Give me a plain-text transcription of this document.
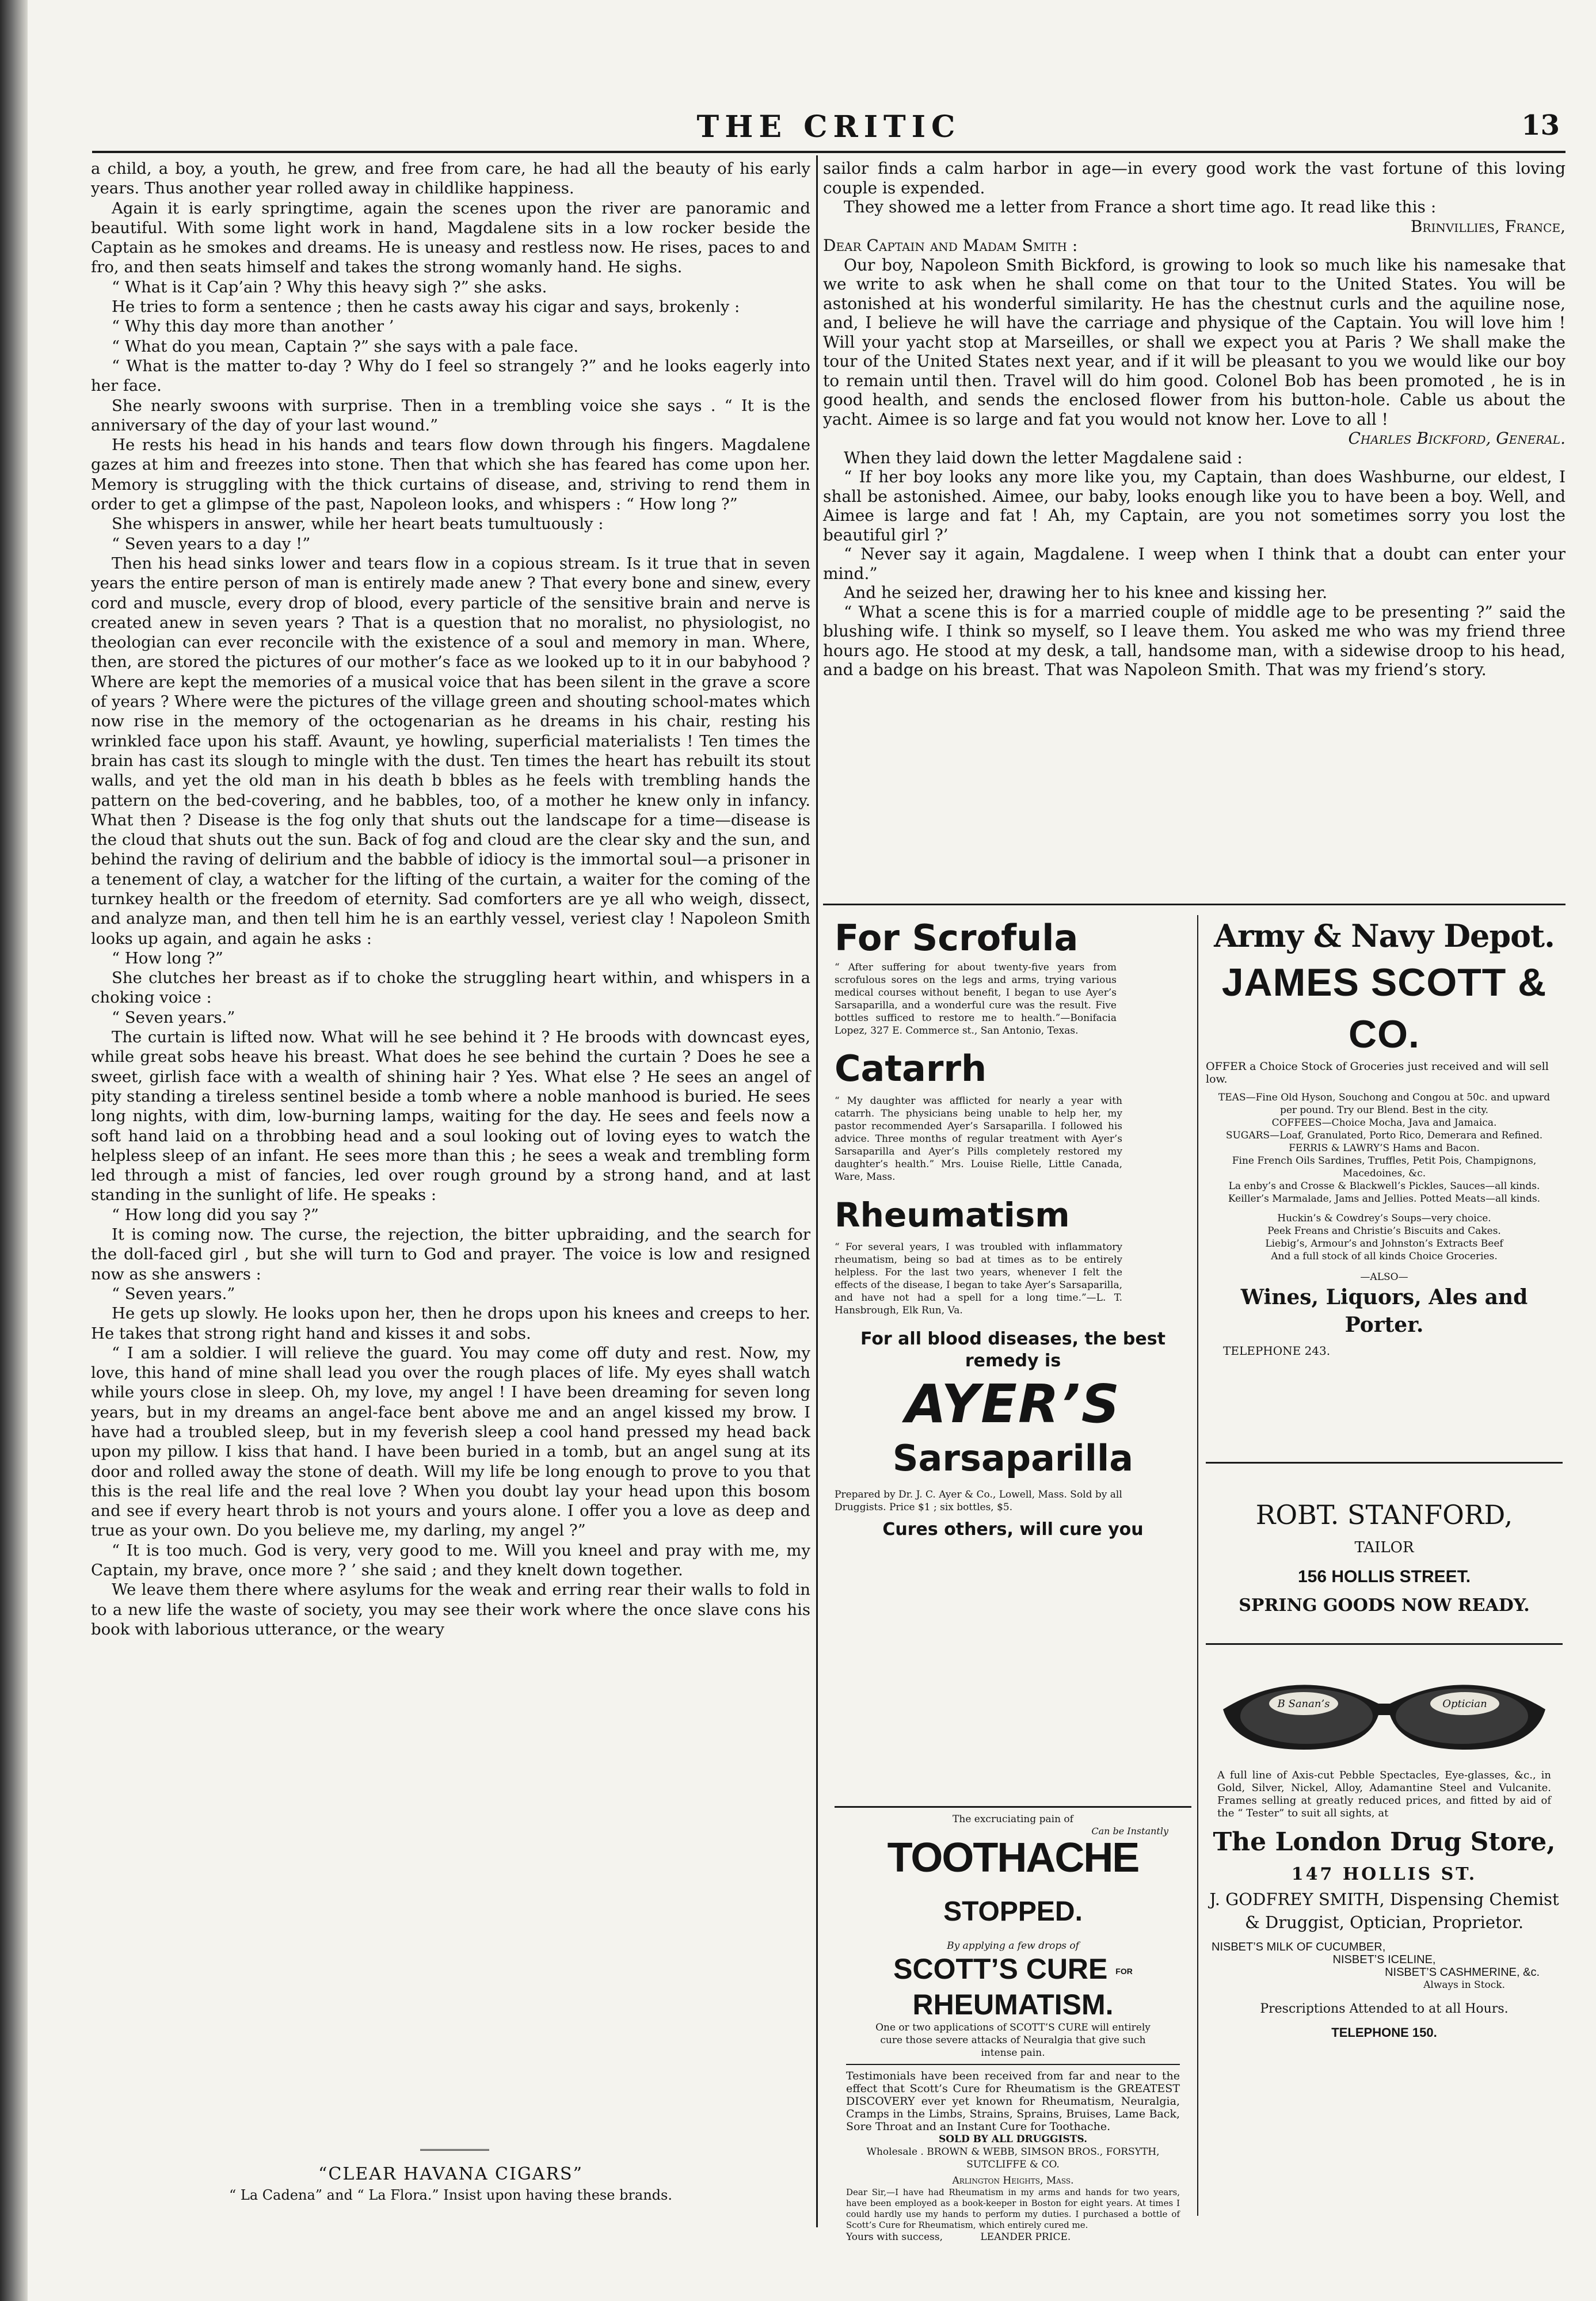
THE CRITIC	13

a child, a boy, a youth, he grew, and free from care, he had all the beauty of his early years. Thus another year rolled away in childlike happiness.

Again it is early springtime, again the scenes upon the river are panoramic and beautiful. With some light work in hand, Magdalene sits in a low rocker beside the Captain as he smokes and dreams. He is uneasy and restless now. He rises, paces to and fro, and then seats himself and takes the strong womanly hand. He sighs.

“ What is it Cap’ain ? Why this heavy sigh ?” she asks.

He tries to form a sentence ; then he casts away his cigar and says, brokenly :

“ Why this day more than another ’

“ What do you mean, Captain ?” she says with a pale face.

“ What is the matter to-day ? Why do I feel so strangely ?” and he looks eagerly into her face.

She nearly swoons with surprise. Then in a trembling voice she says . “ It is the anniversary of the day of your last wound.”

He rests his head in his hands and tears flow down through his fingers. Magdalene gazes at him and freezes into stone. Then that which she has feared has come upon her. Memory is struggling with the thick curtains of disease, and, striving to rend them in order to get a glimpse of the past, Napoleon looks, and whispers : “ How long ?”

She whispers in answer, while her heart beats tumultuously :

“ Seven years to a day !”

Then his head sinks lower and tears flow in a copious stream. Is it true that in seven years the entire person of man is entirely made anew ? That every bone and sinew, every cord and muscle, every drop of blood, every particle of the sensitive brain and nerve is created anew in seven years ? That is a question that no moralist, no physiologist, no theologian can ever reconcile with the existence of a soul and memory in man. Where, then, are stored the pictures of our mother’s face as we looked up to it in our babyhood ? Where are kept the memories of a musical voice that has been silent in the grave a score of years ? Where were the pictures of the village green and shouting school-mates which now rise in the memory of the octogenarian as he dreams in his chair, resting his wrinkled face upon his staff. Avaunt, ye howling, superficial materialists ! Ten times the brain has cast its slough to mingle with the dust. Ten times the heart has rebuilt its stout walls, and yet the old man in his death b bbles as he feels with trembling hands the pattern on the bed-covering, and he babbles, too, of a mother he knew only in infancy. What then ? Disease is the fog only that shuts out the landscape for a time—disease is the cloud that shuts out the sun. Back of fog and cloud are the clear sky and the sun, and behind the raving of delirium and the babble of idiocy is the immortal soul—a prisoner in a tenement of clay, a watcher for the lifting of the curtain, a waiter for the coming of the turnkey health or the freedom of eternity. Sad comforters are ye all who weigh, dissect, and analyze man, and then tell him he is an earthly vessel, veriest clay ! Napoleon Smith looks up again, and again he asks :

“ How long ?”

She clutches her breast as if to choke the struggling heart within, and whispers in a choking voice :

“ Seven years.”

The curtain is lifted now. What will he see behind it ? He broods with downcast eyes, while great sobs heave his breast. What does he see behind the curtain ? Does he see a sweet, girlish face with a wealth of shining hair ? Yes. What else ? He sees an angel of pity standing a tireless sentinel beside a tomb where a noble manhood is buried. He sees long nights, with dim, low-burning lamps, waiting for the day. He sees and feels now a soft hand laid on a throbbing head and a soul looking out of loving eyes to watch the helpless sleep of an infant. He sees more than this ; he sees a weak and trembling form led through a mist of fancies, led over rough ground by a strong hand, and at last standing in the sunlight of life. He speaks :

“ How long did you say ?”

It is coming now. The curse, the rejection, the bitter upbraiding, and the search for the doll-faced girl , but she will turn to God and prayer. The voice is low and resigned now as she answers :

“ Seven years.”

He gets up slowly. He looks upon her, then he drops upon his knees and creeps to her. He takes that strong right hand and kisses it and sobs.

“ I am a soldier. I will relieve the guard. You may come off duty and rest. Now, my love, this hand of mine shall lead you over the rough places of life. My eyes shall watch while yours close in sleep. Oh, my love, my angel ! I have been dreaming for seven long years, but in my dreams an angel-face bent above me and an angel kissed my brow. I have had a troubled sleep, but in my feverish sleep a cool hand pressed my head back upon my pillow. I kiss that hand. I have been buried in a tomb, but an angel sung at its door and rolled away the stone of death. Will my life be long enough to prove to you that this is the real life and the real love ? When you doubt lay your head upon this bosom and see if every heart throb is not yours and yours alone. I offer you a love as deep and true as your own. Do you believe me, my darling, my angel ?”

“ It is too much. God is very, very good to me. Will you kneel and pray with me, my Captain, my brave, once more ? ’ she said ; and they knelt down together.

We leave them there where asylums for the weak and erring rear their walls to fold in to a new life the waste of society, you may see their work where the once slave cons his book with laborious utterance, or the weary

“CLEAR HAVANA CIGARS”
“ La Cadena” and “ La Flora.” Insist upon having these brands.

sailor finds a calm harbor in age—in every good work the vast fortune of this loving couple is expended.

They showed me a letter from France a short time ago. It read like this :

Brinvillies, France,
Dear Captain and Madam Smith :

Our boy, Napoleon Smith Bickford, is growing to look so much like his namesake that we write to ask when he shall come on that tour to the United States. You will be astonished at his wonderful similarity. He has the chestnut curls and the aquiline nose, and, I believe he will have the carriage and physique of the Captain. You will love him ! Will your yacht stop at Marseilles, or shall we expect you at Paris ? We shall make the tour of the United States next year, and if it will be pleasant to you we would like our boy to remain until then. Travel will do him good. Colonel Bob has been promoted , he is in good health, and sends the enclosed flower from his button-hole. Cable us about the yacht. Aimee is so large and fat you would not know her. Love to all !

Charles Bickford, General.

When they laid down the letter Magdalene said :

“ If her boy looks any more like you, my Captain, than does Washburne, our eldest, I shall be astonished. Aimee, our baby, looks enough like you to have been a boy. Well, and Aimee is large and fat ! Ah, my Captain, are you not sometimes sorry you lost the beautiful girl ?’

“ Never say it again, Magdalene. I weep when I think that a doubt can enter your mind.”

And he seized her, drawing her to his knee and kissing her.

“ What a scene this is for a married couple of middle age to be presenting ?” said the blushing wife. I think so myself, so I leave them. You asked me who was my friend three hours ago. He stood at my desk, a tall, handsome man, with a sidewise droop to his head, and a badge on his breast. That was Napoleon Smith. That was my friend’s story.

For Scrofula
“ After suffering for about twenty-five years from scrofulous sores on the legs and arms, trying various medical courses without benefit, I began to use Ayer’s Sarsaparilla, and a wonderful cure was the result. Five bottles sufficed to restore me to health.”—Bonifacia Lopez, 327 E. Commerce st., San Antonio, Texas.
Catarrh
“ My daughter was afflicted for nearly a year with catarrh. The physicians being unable to help her, my pastor recommended Ayer’s Sarsaparilla. I followed his advice. Three months of regular treatment with Ayer’s Sarsaparilla and Ayer’s Pills completely restored my daughter’s health.” Mrs. Louise Rielle, Little Canada, Ware, Mass.
Rheumatism
“ For several years, I was troubled with inflammatory rheumatism, being so bad at times as to be entirely helpless. For the last two years, whenever I felt the effects of the disease, I began to take Ayer’s Sarsaparilla, and have not had a spell for a long time.”—L. T. Hansbrough, Elk Run, Va.
For all blood diseases, the best remedy is
AYER’S
Sarsaparilla
Prepared by Dr. J. C. Ayer & Co., Lowell, Mass. Sold by all Druggists. Price $1 ; six bottles, $5.
Cures others, will cure you
The excruciating pain of
Can be Instantly
TOOTHACHE STOPPED.
By applying a few drops of
SCOTT’S CURE FOR RHEUMATISM.
One or two applications of SCOTT’S CURE will entirely cure those severe attacks of Neuralgia that give such intense pain.
Testimonials have been received from far and near to the effect that Scott’s Cure for Rheumatism is the GREATEST DISCOVERY ever yet known for Rheumatism, Neuralgia, Cramps in the Limbs, Strains, Sprains, Bruises, Lame Back, Sore Throat and an Instant Cure for Toothache.
SOLD BY ALL DRUGGISTS.
Wholesale . BROWN & WEBB, SIMSON BROS., FORSYTH, SUTCLIFFE & CO.
Arlington Heights, Mass.
Dear Sir,—I have had Rheumatism in my arms and hands for two years, have been employed as a book-keeper in Boston for eight years. At times I could hardly use my hands to perform my duties. I purchased a bottle of Scott’s Cure for Rheumatism, which entirely cured me.
Yours with success,	LEANDER PRICE.
Army & Navy Depot.
JAMES SCOTT & CO.
OFFER a Choice Stock of Groceries just received and will sell low.
TEAS—Fine Old Hyson, Souchong and Congou at 50c. and upward per pound. Try our Blend. Best in the city.
COFFEES—Choice Mocha, Java and Jamaica.
SUGARS—Loaf, Granulated, Porto Rico, Demerara and Refined.
FERRIS & LAWRY’S Hams and Bacon.
Fine French Oils Sardines, Truffles, Petit Pois, Champignons, Macedoines, &c.
La enby’s and Crosse & Blackwell’s Pickles, Sauces—all kinds.
Keiller’s Marmalade, Jams and Jellies. Potted Meats—all kinds.
Huckin’s & Cowdrey’s Soups—very choice.
Peek Freans and Christie’s Biscuits and Cakes.
Liebig’s, Armour’s and Johnston’s Extracts Beef
And a full stock of all kinds Choice Groceries.
—ALSO—
Wines, Liquors, Ales and Porter.
TELEPHONE 243.
ROBT. STANFORD,
TAILOR
156 HOLLIS STREET.
SPRING GOODS NOW READY.
B Sanan’s	Optician
A full line of Axis-cut Pebble Spectacles, Eye-glasses, &c., in Gold, Silver, Nickel, Alloy, Adamantine Steel and Vulcanite. Frames selling at greatly reduced prices, and fitted by aid of the “ Tester” to suit all sights, at
The London Drug Store,
147 HOLLIS ST.
J. GODFREY SMITH, Dispensing Chemist & Druggist, Optician, Proprietor.
NISBET’S MILK OF CUCUMBER,
NISBET’S ICELINE,
NISBET’S CASHMERINE, &c.
Always in Stock.
Prescriptions Attended to at all Hours.
TELEPHONE 150.
